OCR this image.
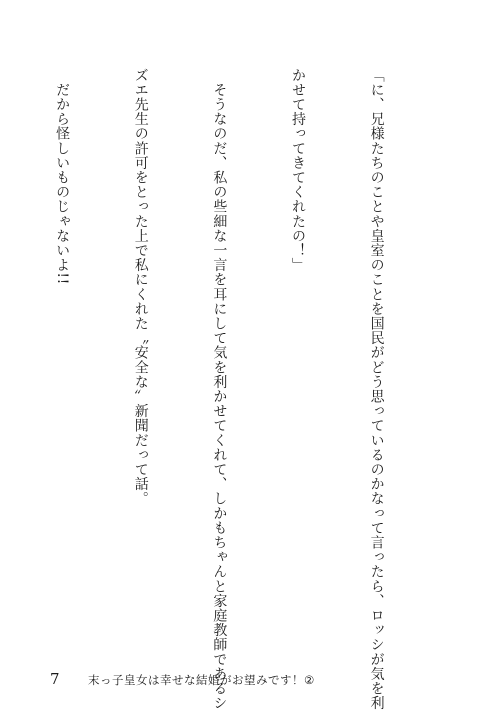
「に、兄様たちのことや皇室のことを国民がどう思っているのかなって言ったら、ロッシが気を利

かせて持ってきてくれたの！」

　そうなのだ、私の些細な一言を耳にして気を利かせてくれて、しかもちゃんと家庭教師であるシ

ズエ先生の許可をとった上で私にくれた〝安全な〟新聞だって話。

　だから怪しいものじゃないよ!!

7 末っ子皇女は幸せな結婚がお望みです！②
